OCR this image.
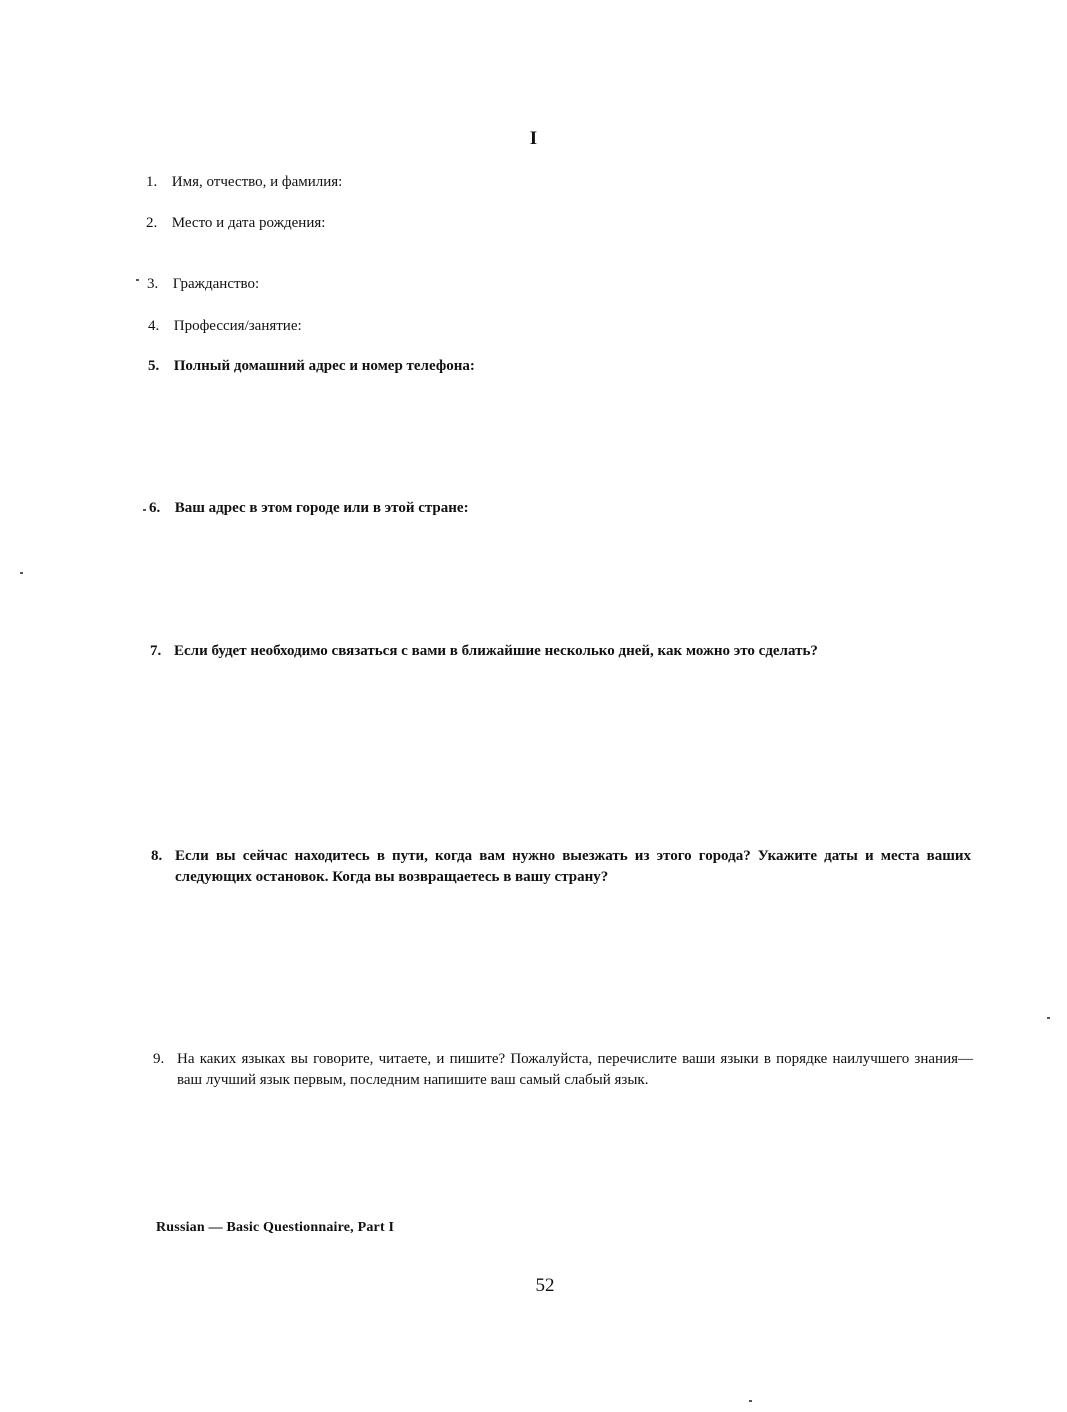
I
1. Имя, отчество, и фамилия:
2. Место и дата рождения:
3. Гражданство:
4. Профессия/занятие:
5. Полный домашний адрес и номер телефона:
6. Ваш адрес в этом городе или в этой стране:
7. Если будет необходимо связаться с вами в ближайшие несколько дней, как можно это сделать?
8. Если вы сейчас находитесь в пути, когда вам нужно выезжать из этого города? Укажите даты и места ваших следующих остановок. Когда вы возвращаетесь в вашу страну?
9. На каких языках вы говорите, читаете, и пишите? Пожалуйста, перечислите ваши языки в порядке наилучшего знания—ваш лучший язык первым, последним напишите ваш самый слабый язык.
Russian — Basic Questionnaire, Part I
52
